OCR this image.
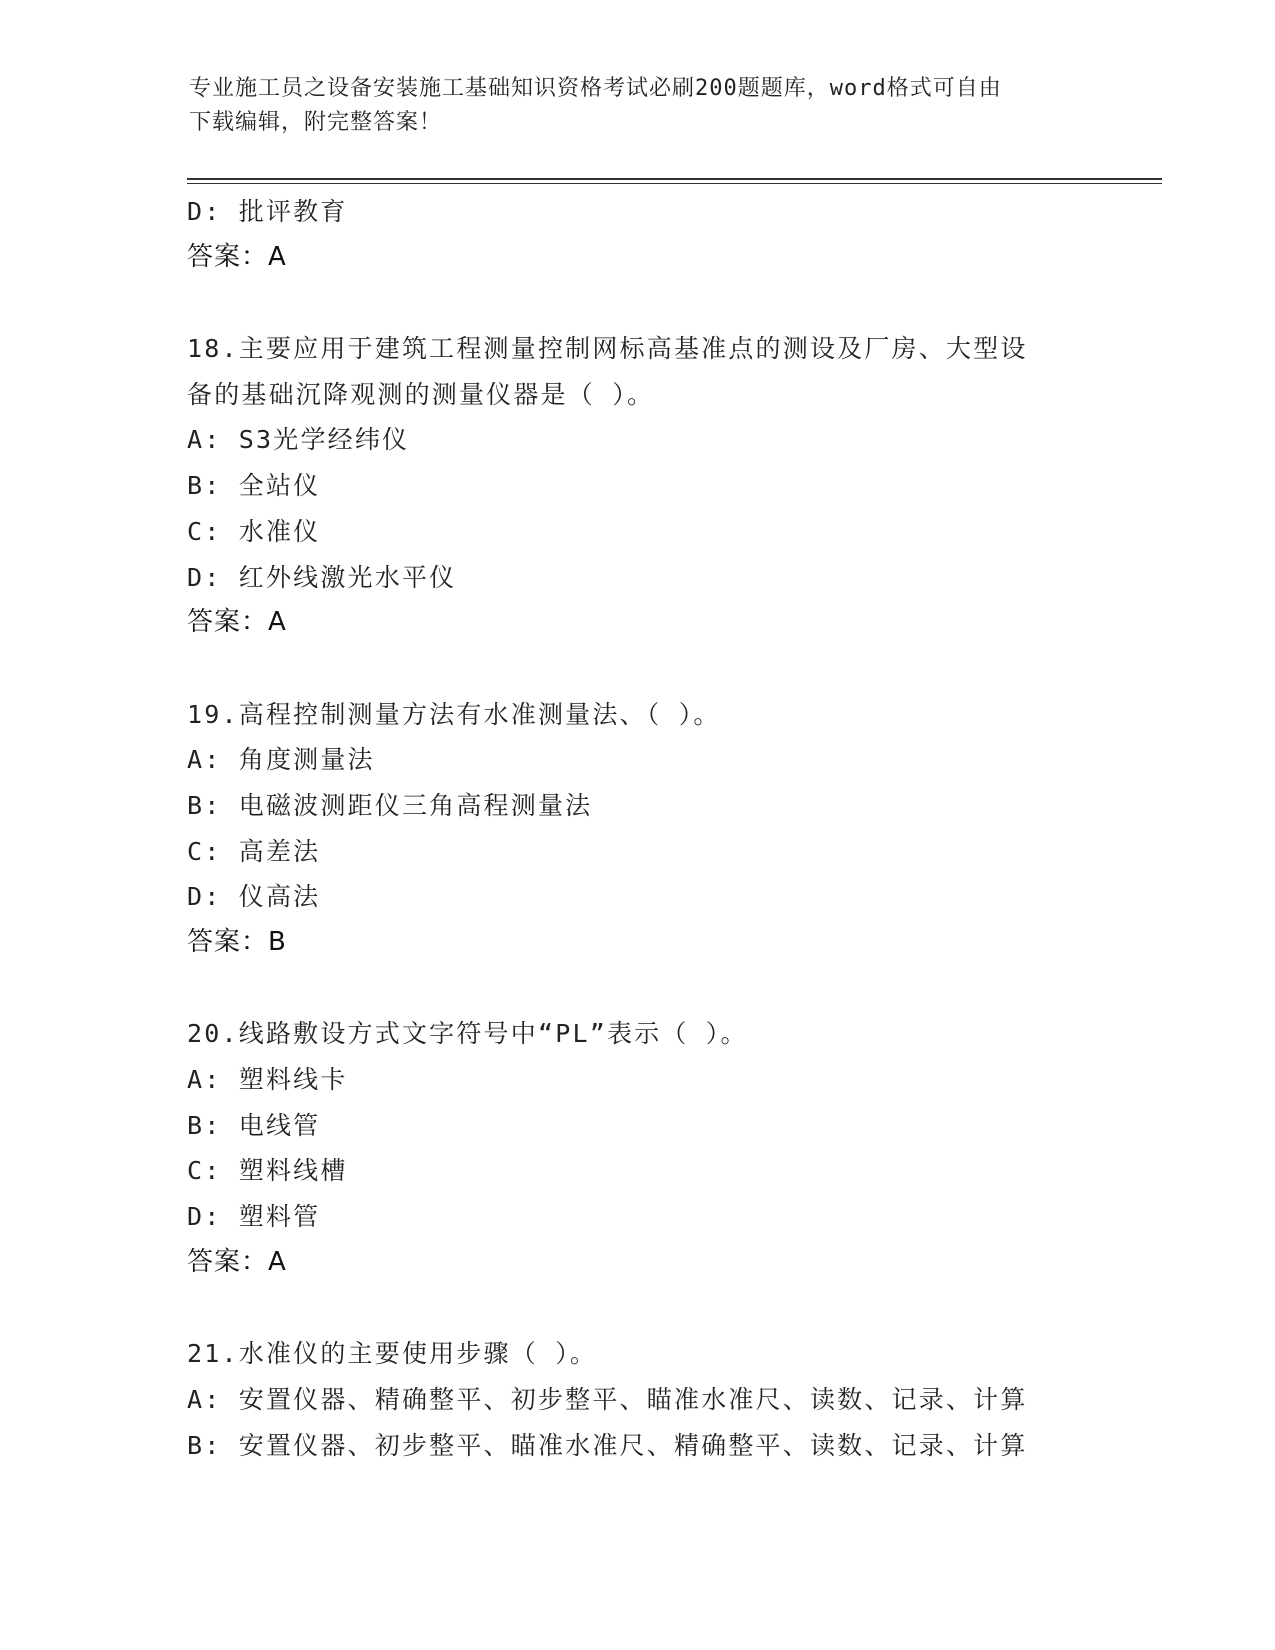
专业施工员之设备安装施工基础知识资格考试必刷200题题库，word格式可自由
下载编辑，附完整答案！
D: 批评教育
答案：A
18.主要应用于建筑工程测量控制网标高基准点的测设及厂房、大型设
备的基础沉降观测的测量仪器是（ ）。
A: S3光学经纬仪
B: 全站仪
C: 水准仪
D: 红外线激光水平仪
答案：A
19.高程控制测量方法有水准测量法、（ ）。
A: 角度测量法
B: 电磁波测距仪三角高程测量法
C: 高差法
D: 仪高法
答案：B
20.线路敷设方式文字符号中“PL”表示（ ）。
A: 塑料线卡
B: 电线管
C: 塑料线槽
D: 塑料管
答案：A
21.水准仪的主要使用步骤（ ）。
A: 安置仪器、精确整平、初步整平、瞄准水准尺、读数、记录、计算
B: 安置仪器、初步整平、瞄准水准尺、精确整平、读数、记录、计算
